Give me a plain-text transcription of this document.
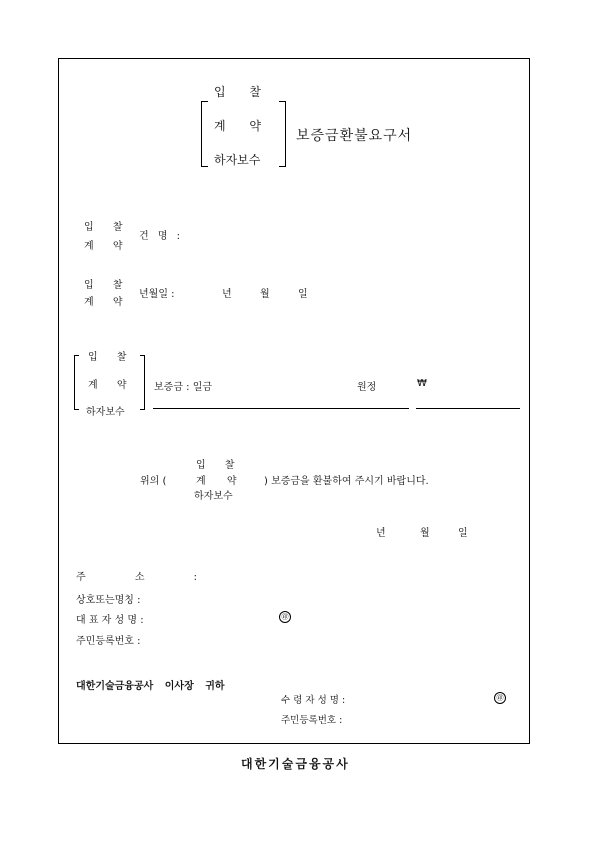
입 찰
계 약
하자보수
보증금환불요구서
입 찰
계 약
건 명 :
입 찰
계 약
년월일 :	년	월	일
입 찰
계 약
하자보수
보증금 : 일금	원정	₩
위의 (
입 찰
계 약
하자보수
) 보증금을 환불하여 주시기 바랍니다.
년	월	일
주 소 :
상호또는명칭 :
대 표 자 성 명 :	㊞
주민등록번호 :
대한기술금융공사 이사장 귀하
수 령 자 성 명 :	㊞
주민등록번호 :
대한기술금융공사
